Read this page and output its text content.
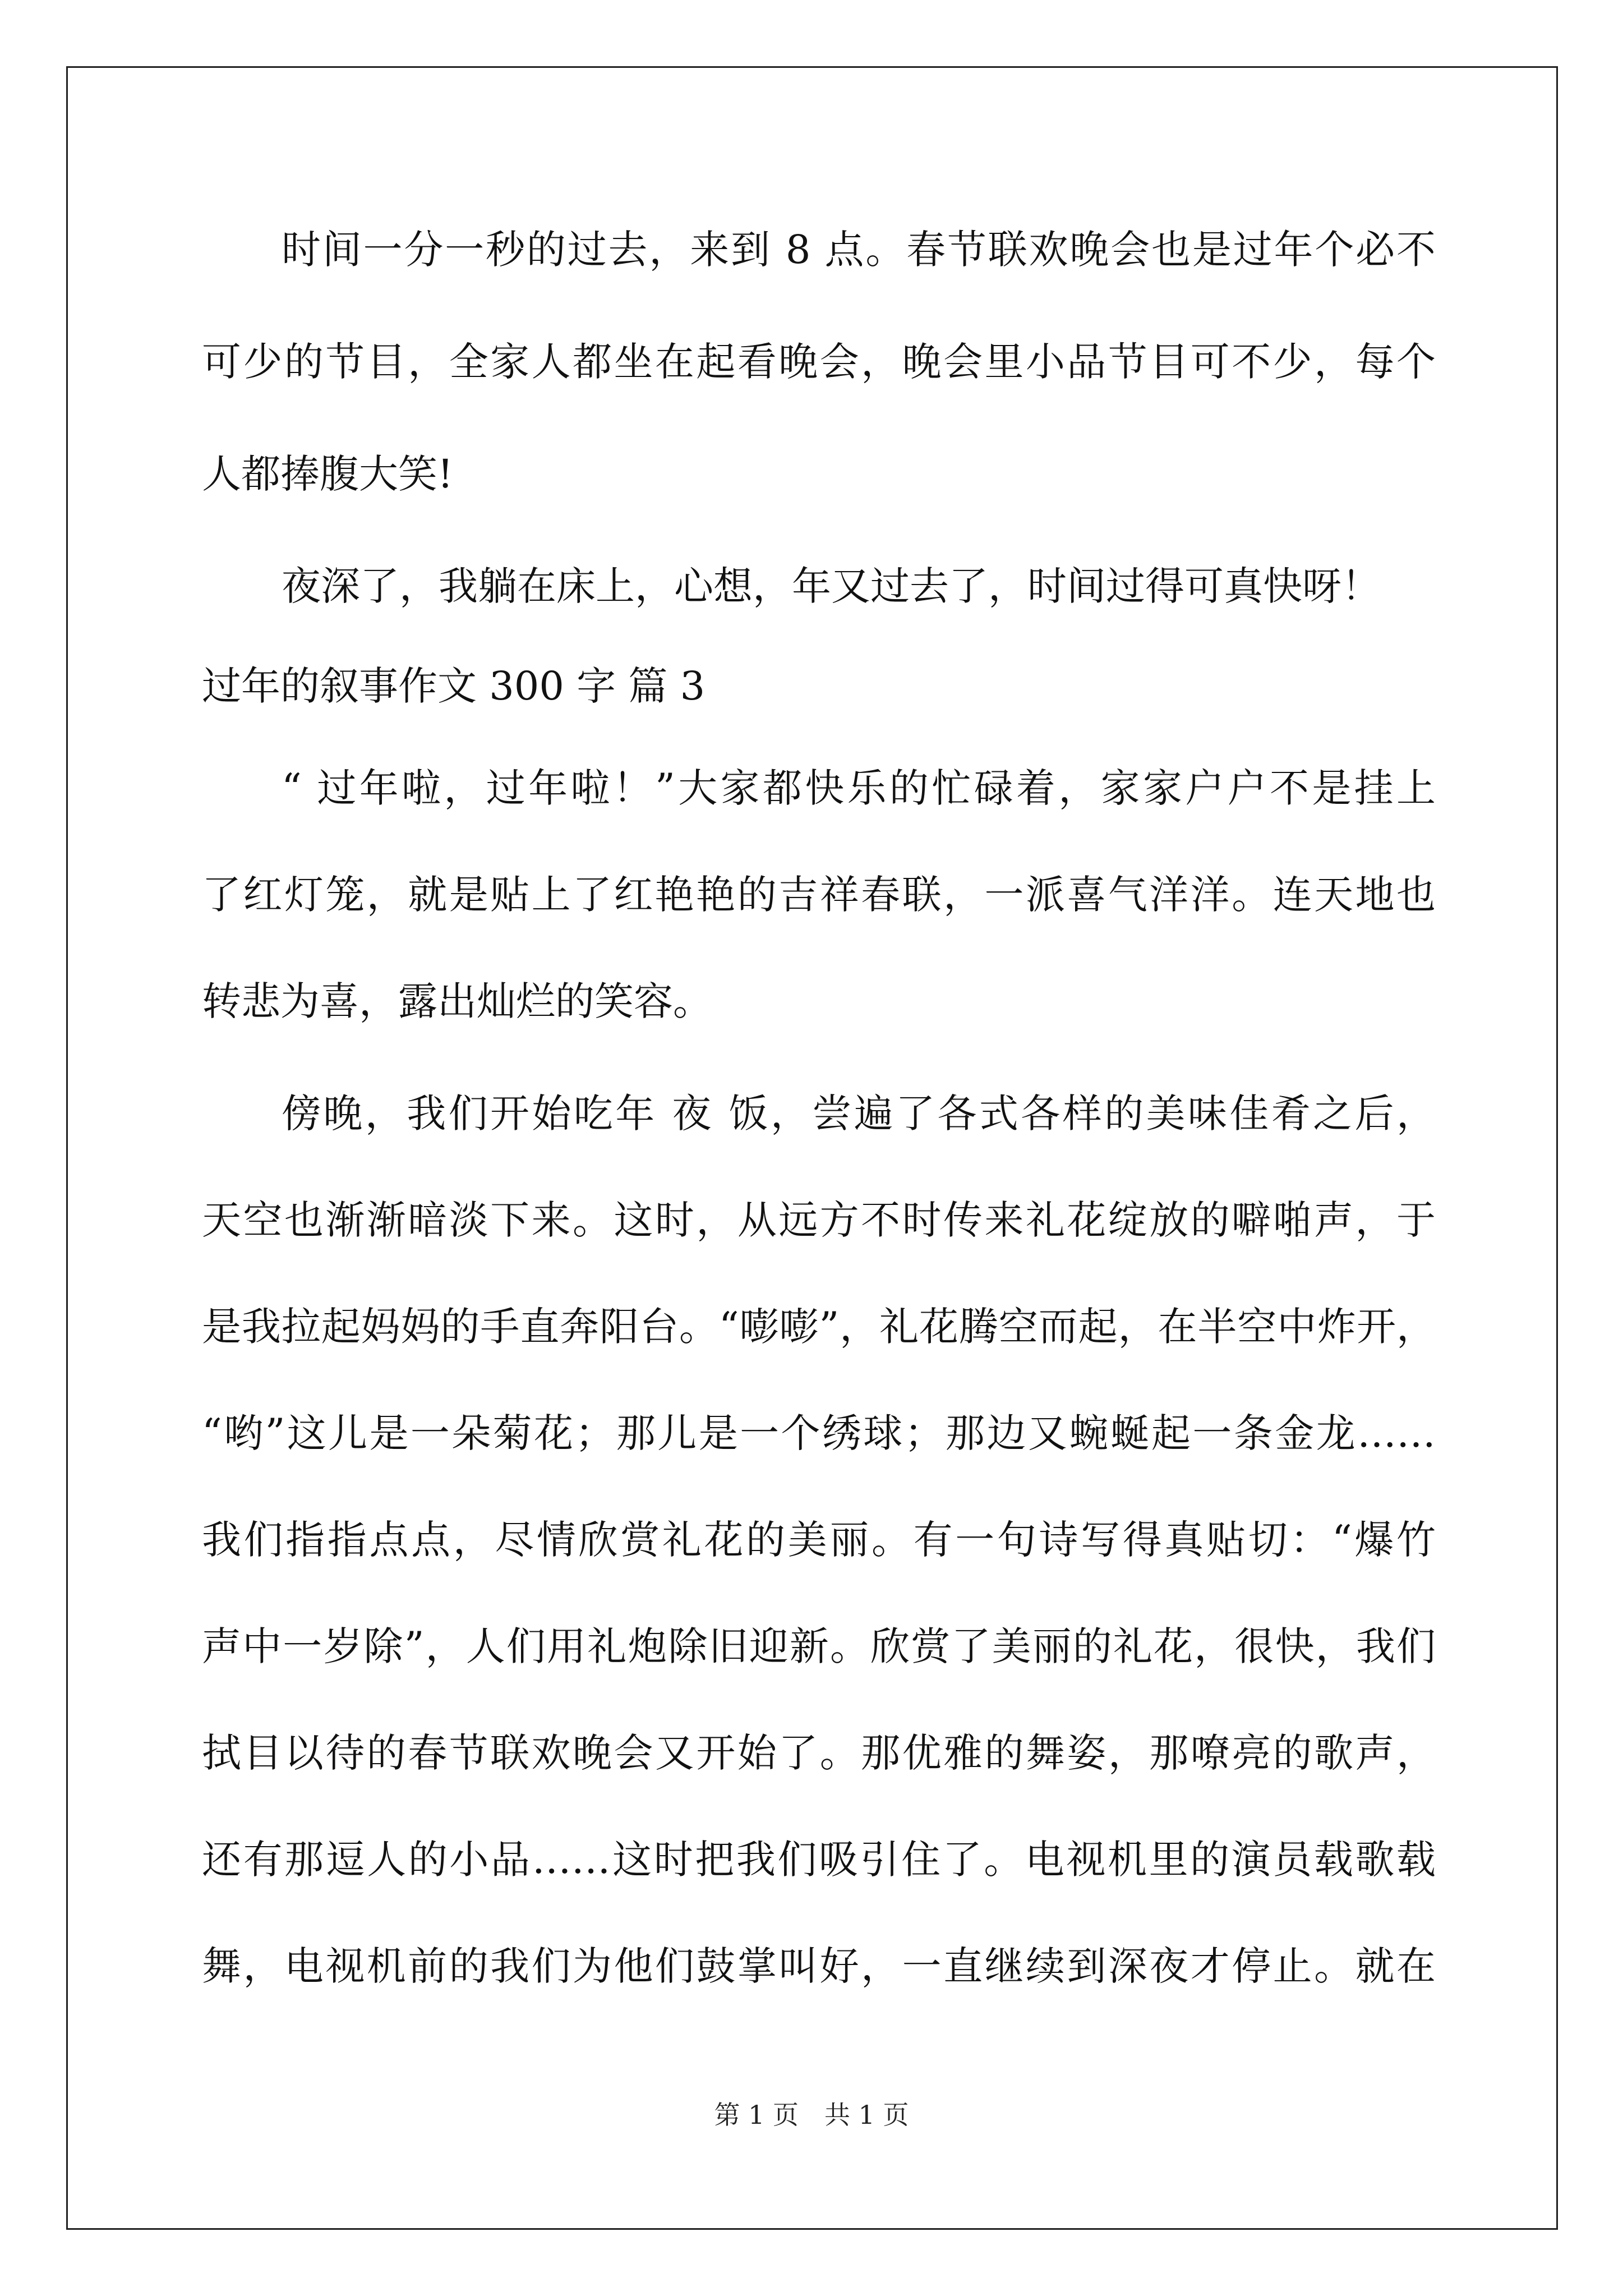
时间一分一秒的过去，来到 8 点。春节联欢晚会也是过年个必不
可少的节目，全家人都坐在起看晚会，晚会里小品节目可不少，每个
人都捧腹大笑!
夜深了，我躺在床上，心想，年又过去了，时间过得可真快呀！
过年的叙事作文 300 字 篇 3
“ 过年啦，过年啦！”大家都快乐的忙碌着，家家户户不是挂上
了红灯笼，就是贴上了红艳艳的吉祥春联，一派喜气洋洋。连天地也
转悲为喜，露出灿烂的笑容。
傍晚，我们开始吃年 夜 饭，尝遍了各式各样的美味佳肴之后，
天空也渐渐暗淡下来。这时，从远方不时传来礼花绽放的噼啪声，于
是我拉起妈妈的手直奔阳台。“嘭嘭”，礼花腾空而起，在半空中炸开，
“哟”这儿是一朵菊花；那儿是一个绣球；那边又蜿蜒起一条金龙……
我们指指点点，尽情欣赏礼花的美丽。有一句诗写得真贴切：“爆竹
声中一岁除”，人们用礼炮除旧迎新。欣赏了美丽的礼花，很快，我们
拭目以待的春节联欢晚会又开始了。那优雅的舞姿，那嘹亮的歌声，
还有那逗人的小品……这时把我们吸引住了。电视机里的演员载歌载
舞，电视机前的我们为他们鼓掌叫好，一直继续到深夜才停止。就在
第 1 页　共 1 页
